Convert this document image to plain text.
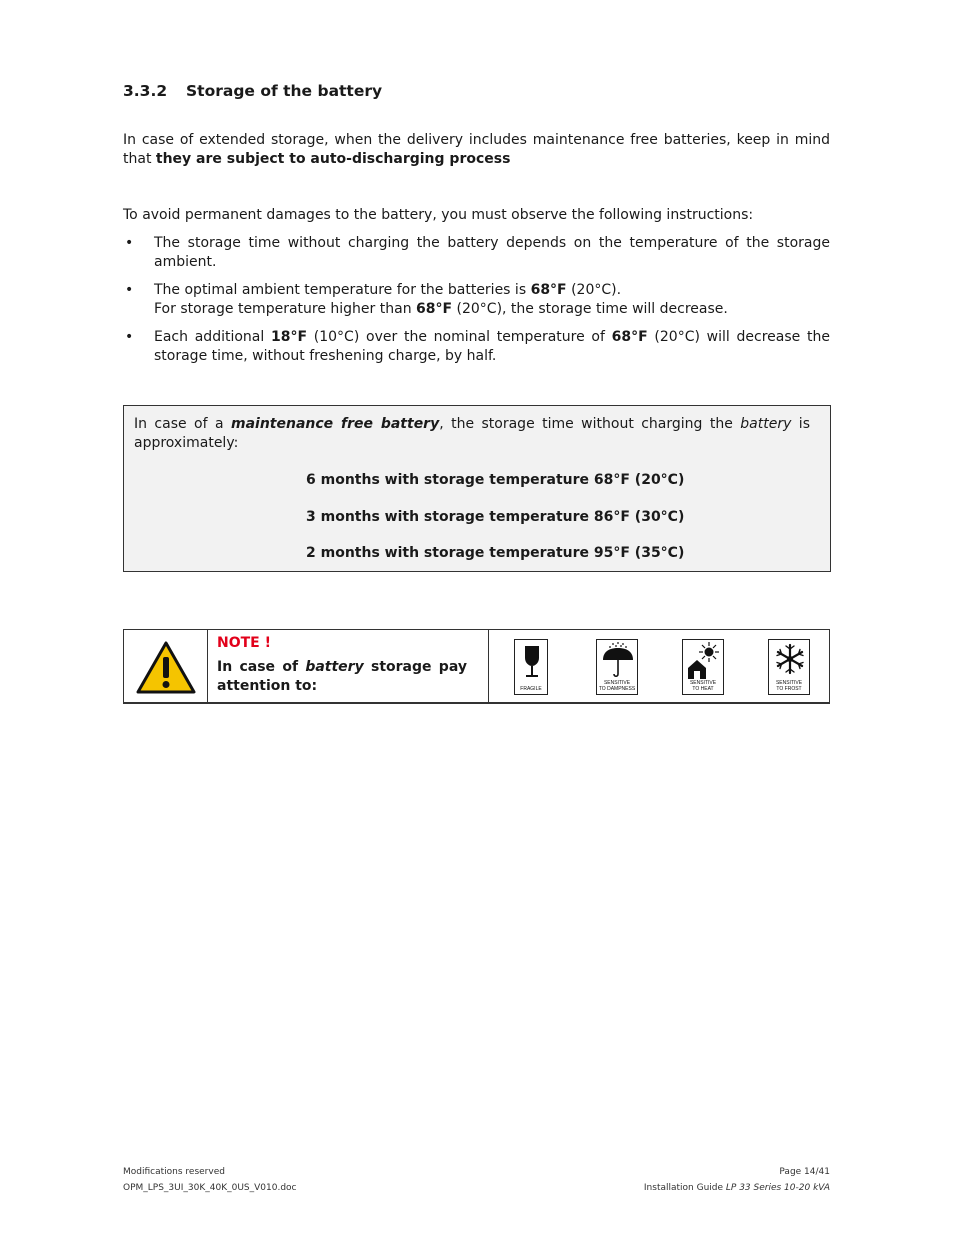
3.3.2 Storage of the battery
In case of extended storage, when the delivery includes maintenance free batteries, keep in mind that they are subject to auto-discharging process
To avoid permanent damages to the battery, you must observe the following instructions:
• The storage time without charging the battery depends on the temperature of the storage ambient.
• The optimal ambient temperature for the batteries is 68°F (20°C).
For storage temperature higher than 68°F (20°C), the storage time will decrease.
• Each additional 18°F (10°C) over the nominal temperature of 68°F (20°C) will decrease the storage time, without freshening charge, by half.
In case of a maintenance free battery, the storage time without charging the battery is approximately:
6 months with storage temperature 68°F (20°C)
3 months with storage temperature 86°F (30°C)
2 months with storage temperature 95°F (35°C)
NOTE !
In case of battery storage pay attention to:	FRAGILE
SENSITIVE
TO DAMPNESS
SENSITIVE
TO HEAT
SENSITIVE
TO FROST
Modifications reserved
OPM_LPS_3UI_30K_40K_0US_V010.doc
Page 14/41
Installation Guide LP 33 Series 10-20 kVA
